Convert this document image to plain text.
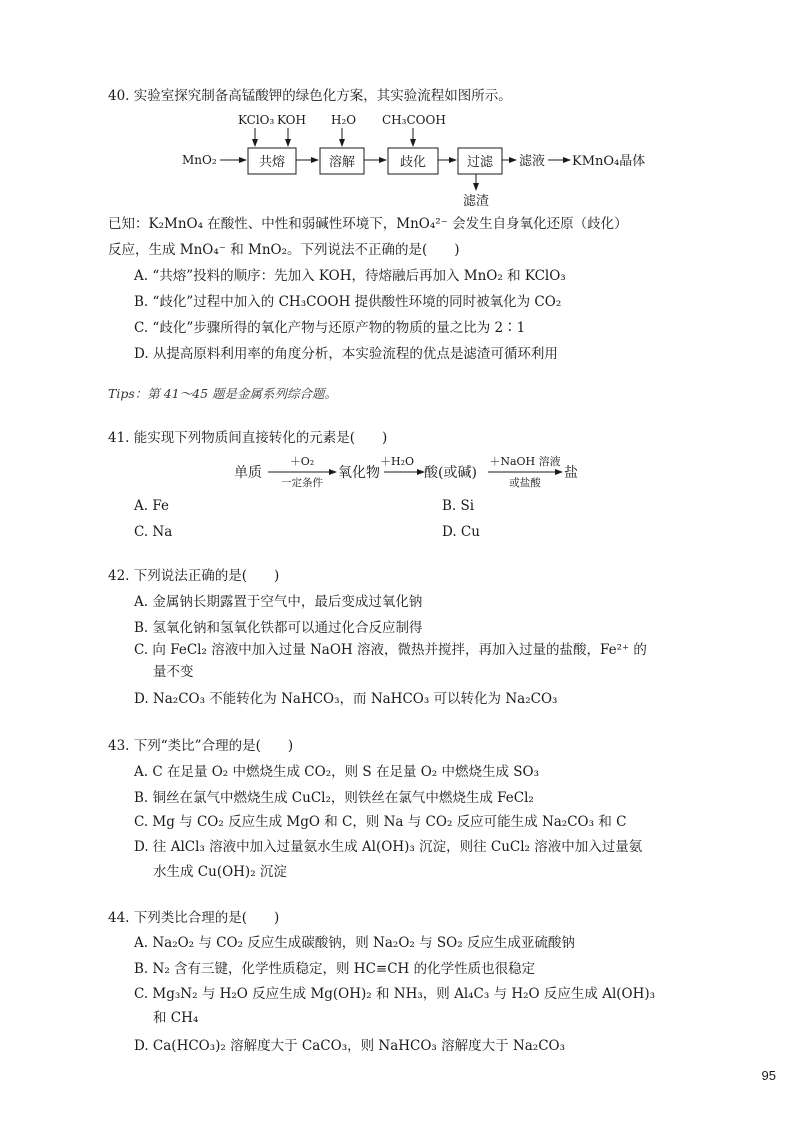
40. 实验室探究制备高锰酸钾的绿色化方案，其实验流程如图所示。
KClO₃ KOH H₂O CH₃COOH
MnO₂	共熔	溶解	歧化	过滤 滤液 KMnO₄晶体
滤渣
已知：K₂MnO₄ 在酸性、中性和弱碱性环境下，MnO₄²⁻ 会发生自身氧化还原（歧化）
反应，生成 MnO₄⁻ 和 MnO₂。下列说法不正确的是(　　)
A. “共熔”投料的顺序：先加入 KOH，待熔融后再加入 MnO₂ 和 KClO₃
B. “歧化”过程中加入的 CH₃COOH 提供酸性环境的同时被氧化为 CO₂
C. “歧化”步骤所得的氧化产物与还原产物的物质的量之比为 2∶1
D. 从提高原料利用率的角度分析，本实验流程的优点是滤渣可循环利用
Tips：第 41～45 题是金属系列综合题。
41. 能实现下列物质间直接转化的元素是(　　)
单质
＋O₂
一定条件
氧化物
＋H₂O
酸(或碱)
＋NaOH 溶液
或盐酸
盐
A. Fe	B. Si
C. Na	D. Cu
42. 下列说法正确的是(　　)
A. 金属钠长期露置于空气中，最后变成过氧化钠
B. 氢氧化钠和氢氧化铁都可以通过化合反应制得
C. 向 FeCl₂ 溶液中加入过量 NaOH 溶液，微热并搅拌，再加入过量的盐酸，Fe²⁺ 的
量不变
D. Na₂CO₃ 不能转化为 NaHCO₃，而 NaHCO₃ 可以转化为 Na₂CO₃
43. 下列“类比”合理的是(　　)
A. C 在足量 O₂ 中燃烧生成 CO₂，则 S 在足量 O₂ 中燃烧生成 SO₃
B. 铜丝在氯气中燃烧生成 CuCl₂，则铁丝在氯气中燃烧生成 FeCl₂
C. Mg 与 CO₂ 反应生成 MgO 和 C，则 Na 与 CO₂ 反应可能生成 Na₂CO₃ 和 C
D. 往 AlCl₃ 溶液中加入过量氨水生成 Al(OH)₃ 沉淀，则往 CuCl₂ 溶液中加入过量氨
水生成 Cu(OH)₂ 沉淀
44. 下列类比合理的是(　　)
A. Na₂O₂ 与 CO₂ 反应生成碳酸钠，则 Na₂O₂ 与 SO₂ 反应生成亚硫酸钠
B. N₂ 含有三键，化学性质稳定，则 HC≡CH 的化学性质也很稳定
C. Mg₃N₂ 与 H₂O 反应生成 Mg(OH)₂ 和 NH₃，则 Al₄C₃ 与 H₂O 反应生成 Al(OH)₃
和 CH₄
D. Ca(HCO₃)₂ 溶解度大于 CaCO₃，则 NaHCO₃ 溶解度大于 Na₂CO₃
95
